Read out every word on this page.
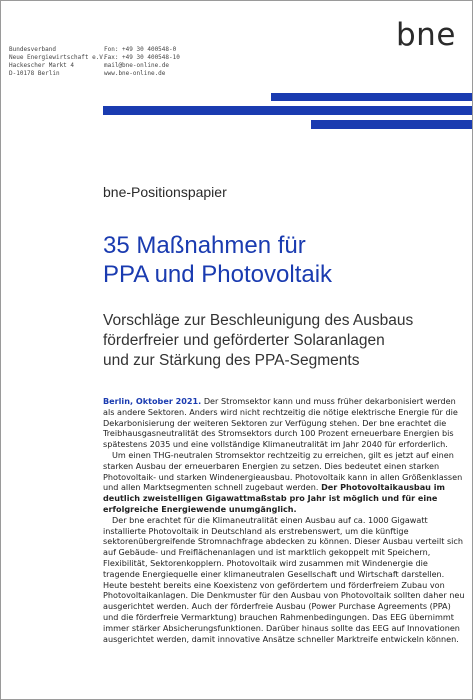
bne
Bundesverband
Neue Energiewirtschaft e.V.
Hackescher Markt 4
D-10178 Berlin
Fon: +49 30 400548-0
Fax: +49 30 400548-10
mail@bne-online.de
www.bne-online.de
bne-Positionspapier
35 Maßnahmen für
PPA und Photovoltaik
Vorschläge zur Beschleunigung des Ausbaus
förderfreier und geförderter Solaranlagen
und zur Stärkung des PPA-Segments

Berlin, Oktober 2021. Der Stromsektor kann und muss früher dekarbonisiert werden als andere Sektoren. Anders wird nicht rechtzeitig die nötige elektrische Energie für die Dekarbonisierung der weiteren Sektoren zur Verfügung stehen. Der bne erachtet die Treibhausgasneutralität des Stromsektors durch 100 Prozent erneuerbare Energien bis spätestens 2035 und eine vollständige Klimaneutralität im Jahr 2040 für erforderlich.

Um einen THG-neutralen Stromsektor rechtzeitig zu erreichen, gilt es jetzt auf einen starken Ausbau der erneuerbaren Energien zu setzen. Dies bedeutet einen starken Photovoltaik- und starken Windenergieausbau. Photovoltaik kann in allen Größenklassen und allen Marktsegmenten schnell zugebaut werden. Der Photovoltaikausbau im deutlich zweistelligen Gigawattmaßstab pro Jahr ist möglich und für eine erfolgreiche Energiewende unumgänglich.

Der bne erachtet für die Klimaneutralität einen Ausbau auf ca. 1000 Gigawatt installierte Photovoltaik in Deutschland als erstrebenswert, um die künftige sektorenübergreifende Stromnachfrage abdecken zu können. Dieser Ausbau verteilt sich auf Gebäude- und Freiflächenanlagen und ist marktlich gekoppelt mit Speichern, Flexibilität, Sektorenkopplern. Photovoltaik wird zusammen mit Windenergie die tragende Energiequelle einer klimaneutralen Gesellschaft und Wirtschaft darstellen. Heute besteht bereits eine Koexistenz von gefördertem und förderfreiem Zubau von Photovoltaikanlagen. Die Denkmuster für den Ausbau von Photovoltaik sollten daher neu ausgerichtet werden. Auch der förderfreie Ausbau (Power Purchase Agreements (PPA) und die förderfreie Vermarktung) brauchen Rahmenbedingungen. Das EEG übernimmt immer stärker Absicherungsfunktionen. Darüber hinaus sollte das EEG auf Innovationen ausgerichtet werden, damit innovative Ansätze schneller Marktreife entwickeln können.
